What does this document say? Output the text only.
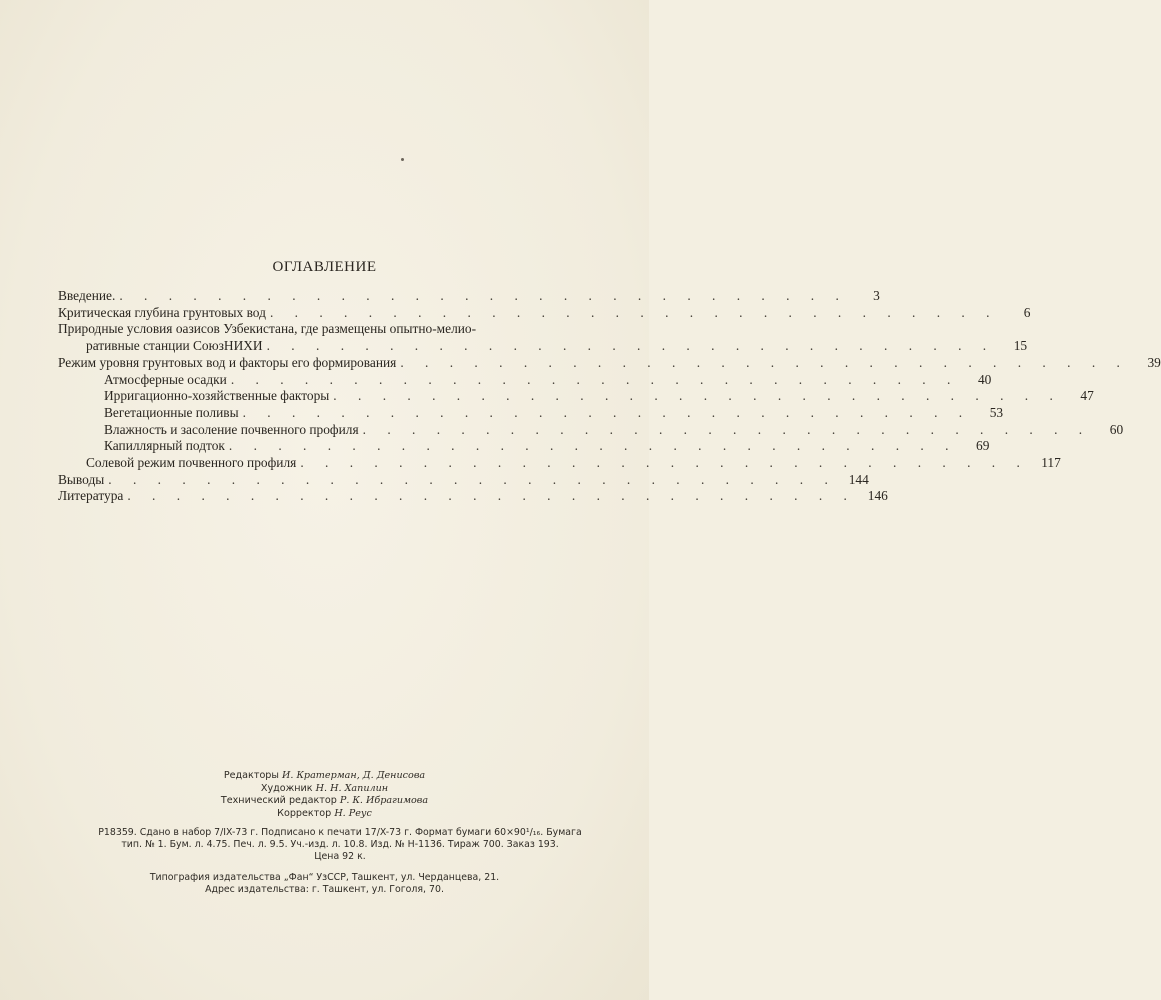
ОГЛАВЛЕНИЕ
Введение. . . . . . . . . . . . . . . . . . . . . . . . . . . . . . .	3
Критическая глубина грунтовых вод . . . . . . . . . . . . . . . . . . . . . . . . . . . . . .	6
Природные условия оазисов Узбекистана, где размещены опытно-мелио-
ративные станции СоюзНИХИ . . . . . . . . . . . . . . . . . . . . . . . . . . . . . .	15
Режим уровня грунтовых вод и факторы его формирования . . . . . . . . . . . . . . . . . . . . . . . . . . . . . .	39
Атмосферные осадки . . . . . . . . . . . . . . . . . . . . . . . . . . . . . .	40
Ирригационно-хозяйственные факторы . . . . . . . . . . . . . . . . . . . . . . . . . . . . . .	47
Вегетационные поливы . . . . . . . . . . . . . . . . . . . . . . . . . . . . . .	53
Влажность и засоление почвенного профиля . . . . . . . . . . . . . . . . . . . . . . . . . . . . . .	60
Капиллярный подток . . . . . . . . . . . . . . . . . . . . . . . . . . . . . .	69
Солевой режим почвенного профиля . . . . . . . . . . . . . . . . . . . . . . . . . . . . . . 117
Выводы . . . . . . . . . . . . . . . . . . . . . . . . . . . . . . 144
Литература . . . . . . . . . . . . . . . . . . . . . . . . . . . . . . 146
Редакторы И. Кратерман, Д. Денисова
Художник Н. Н. Хапилин
Технический редактор Р. К. Ибрагимова
Корректор Н. Реус
Р18359. Сдано в набор 7/IX-73 г. Подписано к печати 17/X-73 г. Формат бумаги 60×90¹/₁₆. Бумага
тип. № 1. Бум. л. 4.75. Печ. л. 9.5. Уч.-изд. л. 10.8. Изд. № Н-1136. Тираж 700. Заказ 193.
Цена 92 к.
Типография издательства „Фан“ УзССР, Ташкент, ул. Черданцева, 21.
Адрес издательства: г. Ташкент, ул. Гоголя, 70.
